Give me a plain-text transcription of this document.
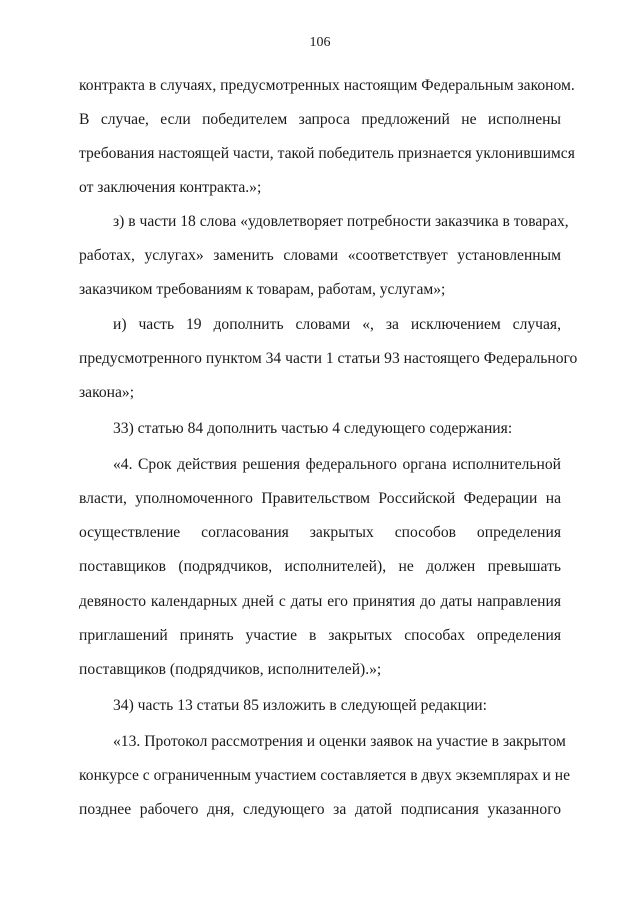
106
контракта в случаях, предусмотренных настоящим Федеральным законом.
В случае, если победителем запроса предложений не исполнены
требования настоящей части, такой победитель признается уклонившимся
от заключения контракта.»;
з) в части 18 слова «удовлетворяет потребности заказчика в товарах,
работах, услугах» заменить словами «соответствует установленным
заказчиком требованиям к товарам, работам, услугам»;
и) часть 19 дополнить словами «, за исключением случая,
предусмотренного пунктом 34 части 1 статьи 93 настоящего Федерального
закона»;
33) статью 84 дополнить частью 4 следующего содержания:
«4. Срок действия решения федерального органа исполнительной
власти, уполномоченного Правительством Российской Федерации на
осуществление согласования закрытых способов определения
поставщиков (подрядчиков, исполнителей), не должен превышать
девяносто календарных дней с даты его принятия до даты направления
приглашений принять участие в закрытых способах определения
поставщиков (подрядчиков, исполнителей).»;
34) часть 13 статьи 85 изложить в следующей редакции:
«13. Протокол рассмотрения и оценки заявок на участие в закрытом
конкурсе с ограниченным участием составляется в двух экземплярах и не
позднее рабочего дня, следующего за датой подписания указанного
